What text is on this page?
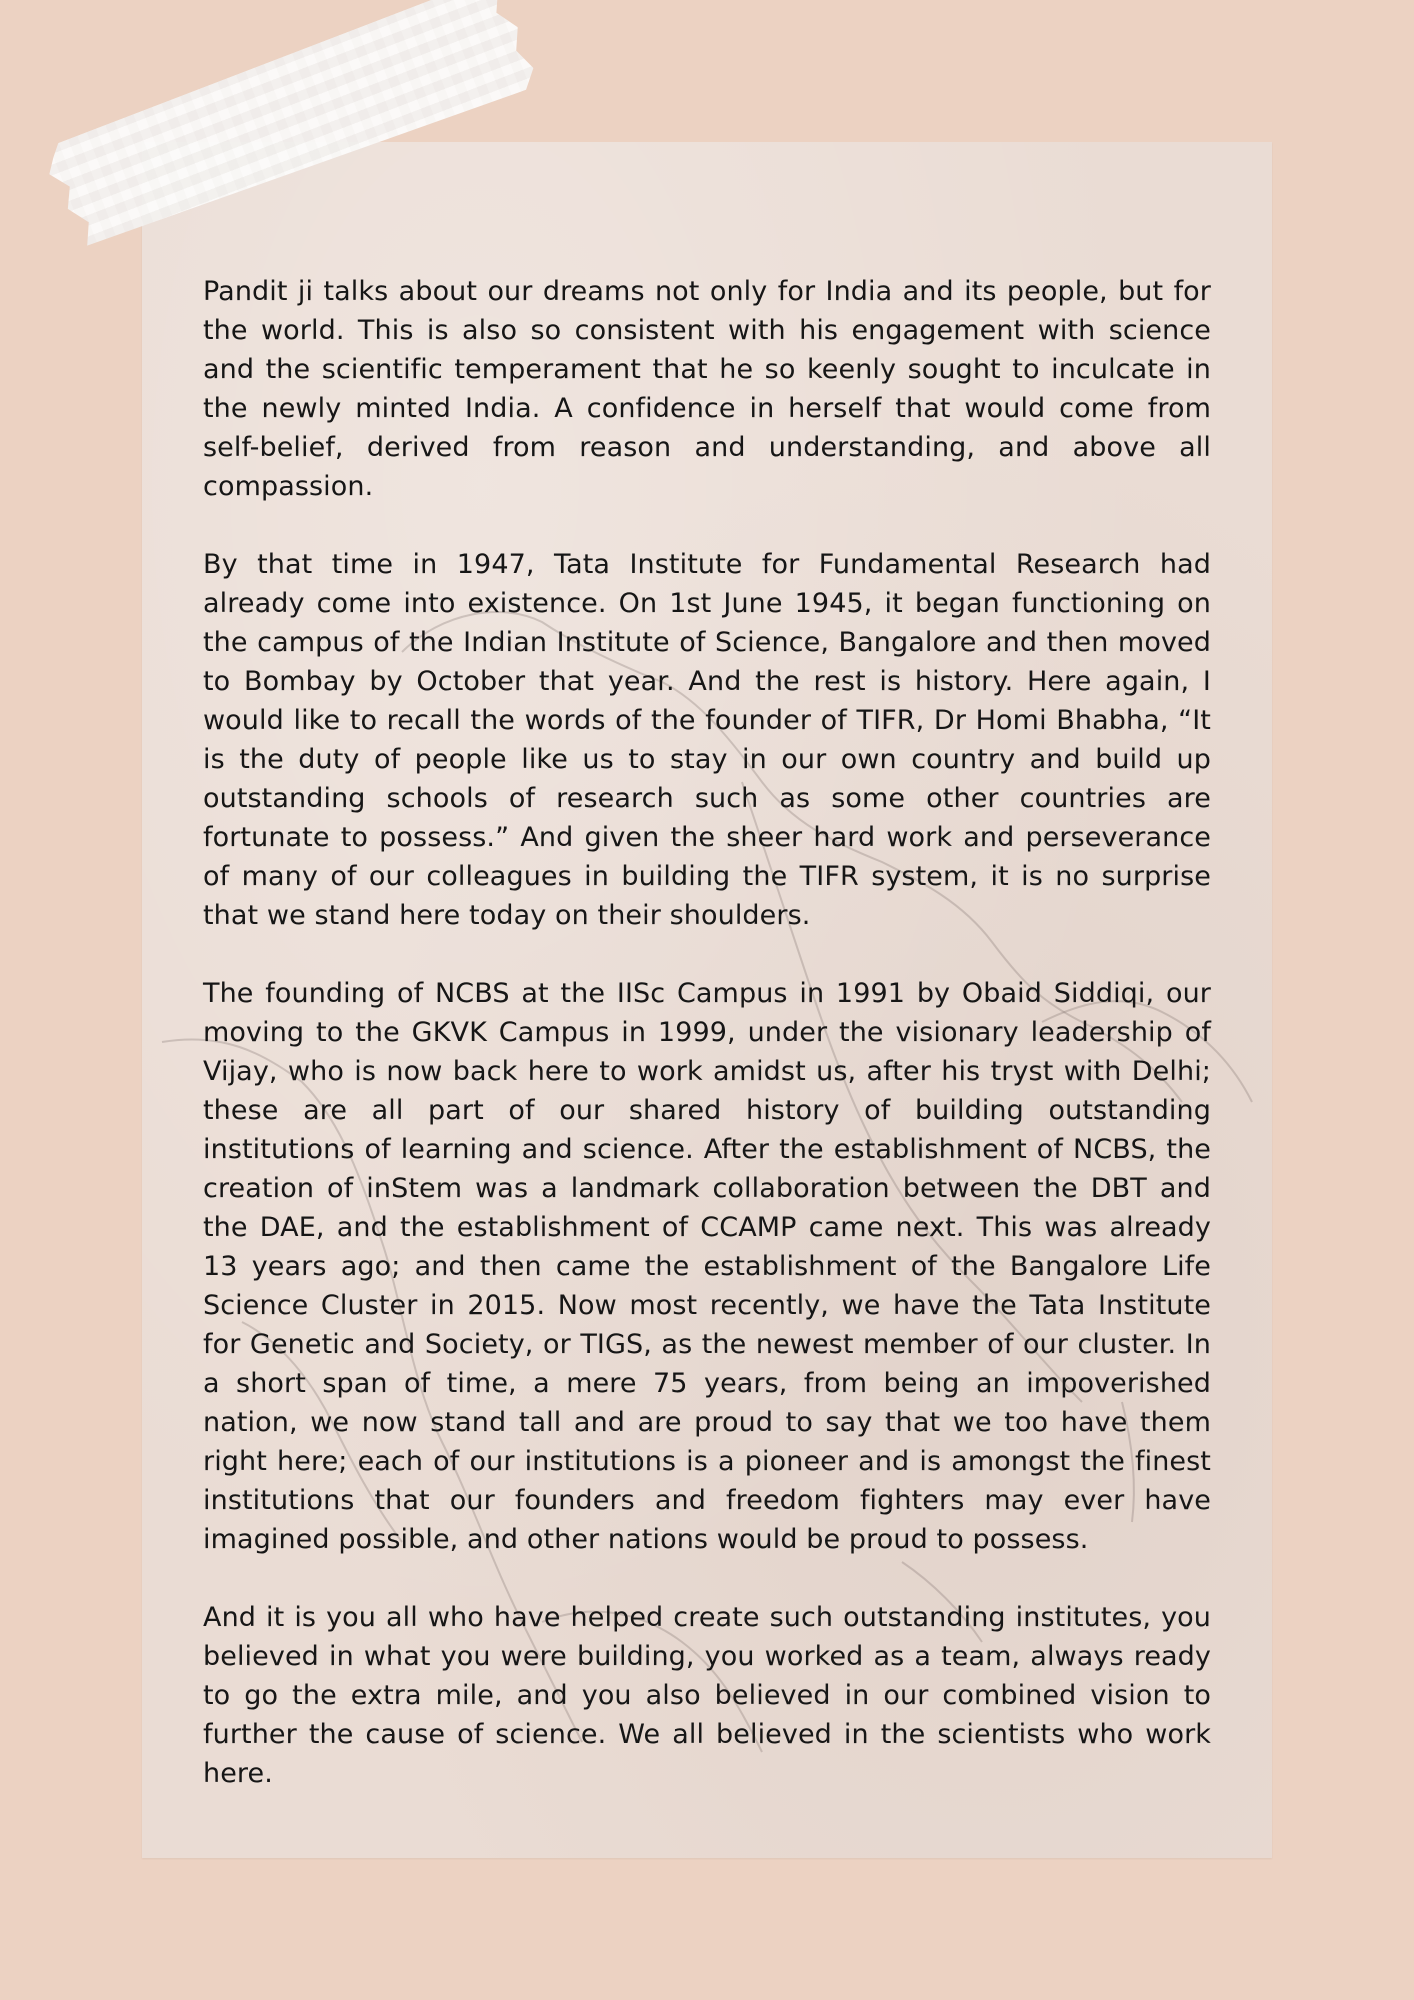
Pandit ji talks about our dreams not only for India and its people, but for the world. This is also so consistent with his engagement with science and the scientific temperament that he so keenly sought to inculcate in the newly minted India. A confidence in herself that would come from self-belief, derived from reason and understanding, and above all compassion.

By that time in 1947, Tata Institute for Fundamental Research had already come into existence. On 1st June 1945, it began functioning on the campus of the Indian Institute of Science, Bangalore and then moved to Bombay by October that year. And the rest is history. Here again, I would like to recall the words of the founder of TIFR, Dr Homi Bhabha, “It is the duty of people like us to stay in our own country and build up outstanding schools of research such as some other countries are fortunate to possess.” And given the sheer hard work and perseverance of many of our colleagues in building the TIFR system, it is no surprise that we stand here today on their shoulders.

The founding of NCBS at the IISc Campus in 1991 by Obaid Siddiqi, our moving to the GKVK Campus in 1999, under the visionary leadership of Vijay, who is now back here to work amidst us, after his tryst with Delhi; these are all part of our shared history of building outstanding institutions of learning and science. After the establishment of NCBS, the creation of inStem was a landmark collaboration between the DBT and the DAE, and the establishment of CCAMP came next. This was already 13 years ago; and then came the establishment of the Bangalore Life Science Cluster in 2015. Now most recently, we have the Tata Institute for Genetic and Society, or TIGS, as the newest member of our cluster. In a short span of time, a mere 75 years, from being an impoverished nation, we now stand tall and are proud to say that we too have them right here; each of our institutions is a pioneer and is amongst the finest institutions that our founders and freedom fighters may ever have imagined possible, and other nations would be proud to possess.

And it is you all who have helped create such outstanding institutes, you believed in what you were building, you worked as a team, always ready to go the extra mile, and you also believed in our combined vision to further the cause of science. We all believed in the scientists who work here.
